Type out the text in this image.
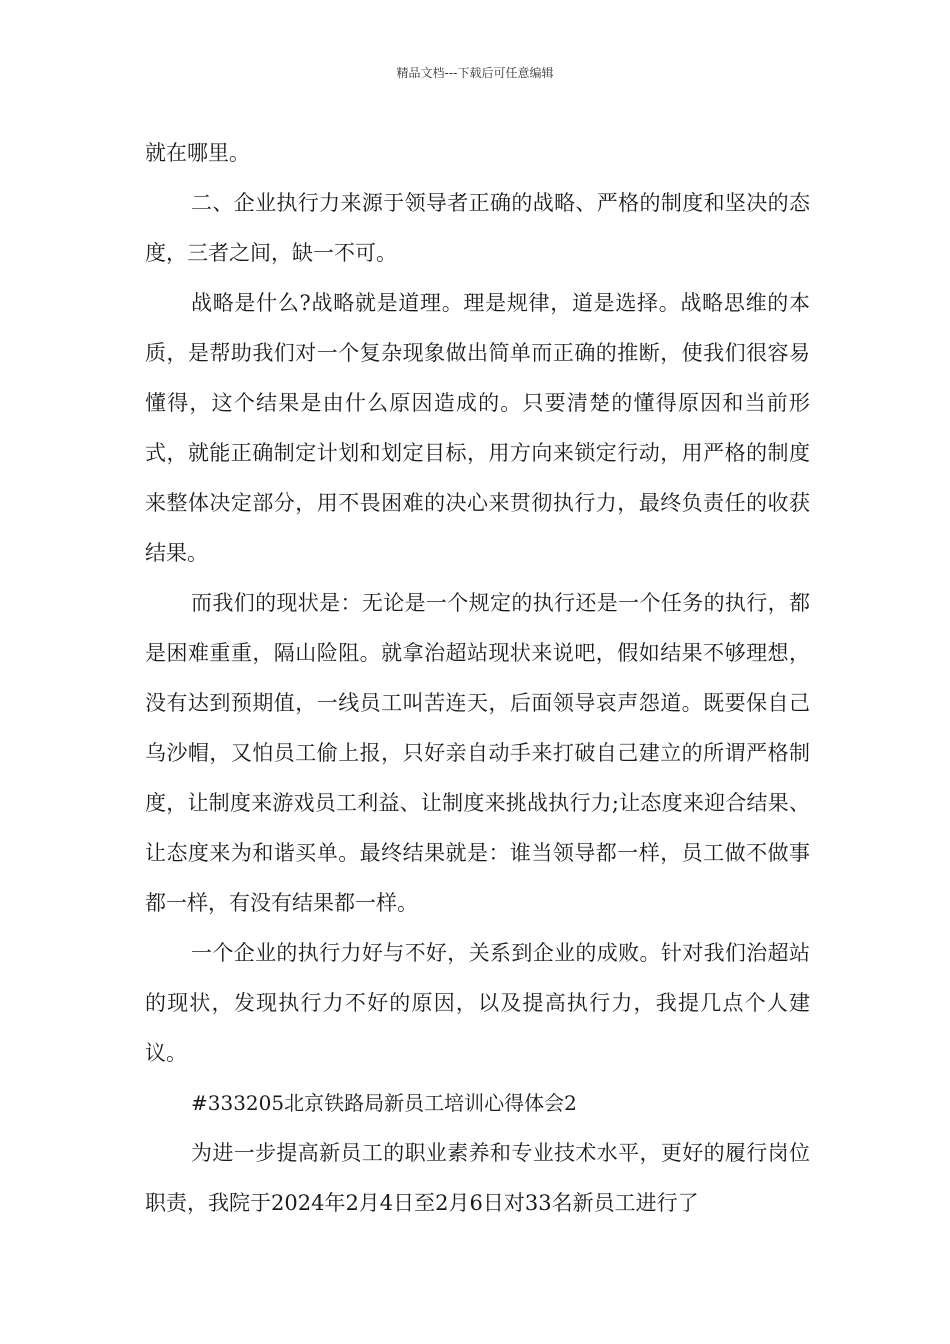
精品文档---下载后可任意编辑

就在哪里。

二、企业执行力来源于领导者正确的战略、严格的制度和坚决的态度，三者之间，缺一不可。

战略是什么?战略就是道理。理是规律，道是选择。战略思维的本质，是帮助我们对一个复杂现象做出简单而正确的推断，使我们很容易懂得，这个结果是由什么原因造成的。只要清楚的懂得原因和当前形式，就能正确制定计划和划定目标，用方向来锁定行动，用严格的制度来整体决定部分，用不畏困难的决心来贯彻执行力，最终负责任的收获结果。

而我们的现状是：无论是一个规定的执行还是一个任务的执行，都是困难重重，隔山险阻。就拿治超站现状来说吧，假如结果不够理想，没有达到预期值，一线员工叫苦连天，后面领导哀声怨道。既要保自己乌沙帽，又怕员工偷上报，只好亲自动手来打破自己建立的所谓严格制度，让制度来游戏员工利益、让制度来挑战执行力;让态度来迎合结果、让态度来为和谐买单。最终结果就是：谁当领导都一样，员工做不做事都一样，有没有结果都一样。

一个企业的执行力好与不好，关系到企业的成败。针对我们治超站的现状，发现执行力不好的原因，以及提高执行力，我提几点个人建议。

#333205北京铁路局新员工培训心得体会2

为进一步提高新员工的职业素养和专业技术水平，更好的履行岗位职责，我院于2024年2月4日至2月6日对33名新员工进行了
